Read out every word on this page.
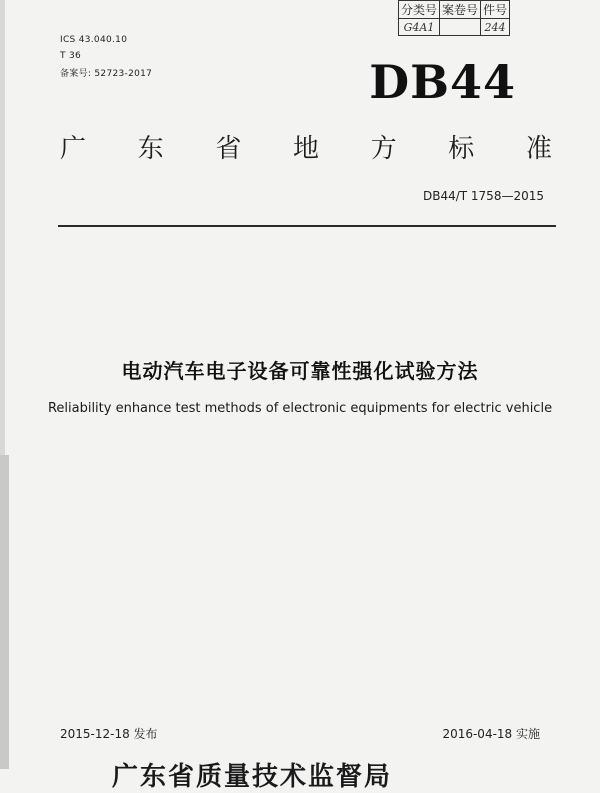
ICS 43.040.10
T 36
备案号: 52723-2017
分类号	案卷号	件号
G4A1		244
DB44
广 东 省 地 方 标 准
DB44/T 1758—2015
电动汽车电子设备可靠性强化试验方法
Reliability enhance test methods of electronic equipments for electric vehicle
2015-12-18 发布	2016-04-18 实施
广东省质量技术监督局
